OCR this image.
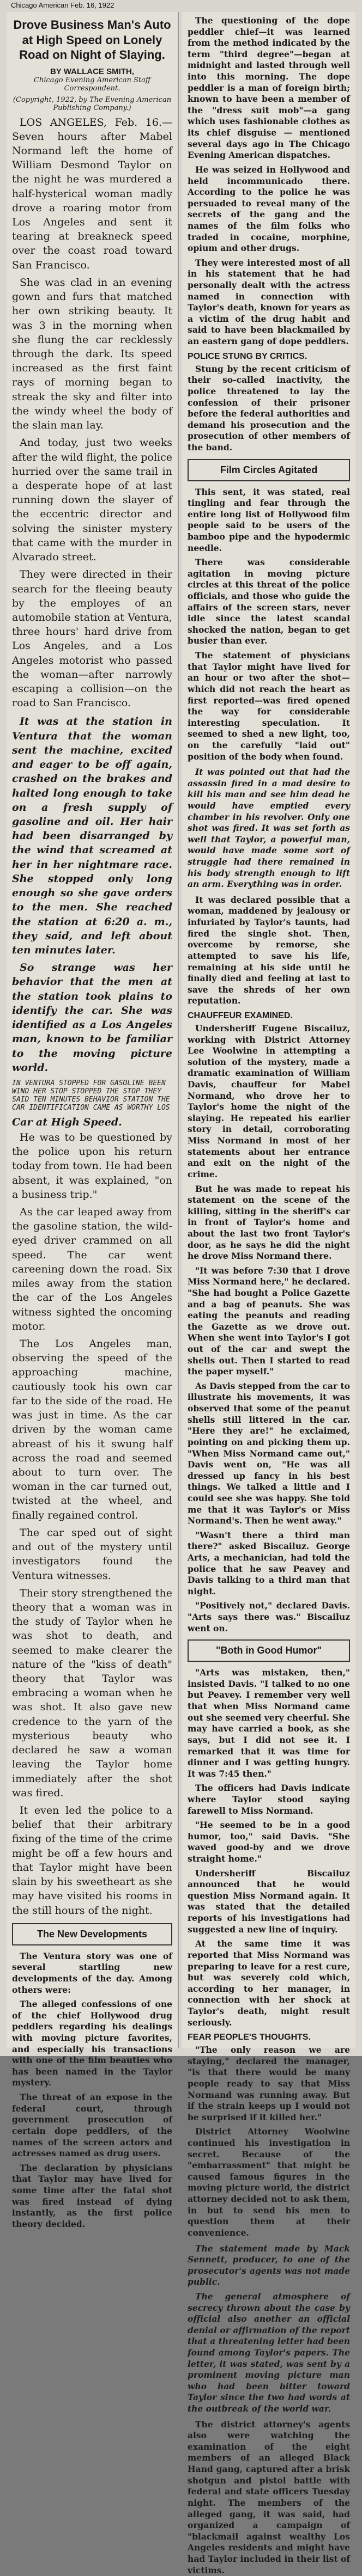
Chicago American Feb. 16, 1922
Drove Business Man's Auto at High Speed on Lonely Road on Night of Slaying.
BY WALLACE SMITH,
Chicago Evening American Staff Correspondent.
(Copyright, 1922, by The Evening American Publishing Company.)

LOS ANGELES, Feb. 16.— Seven hours after Mabel Normand left the home of William Desmond Taylor on the night he was murdered a half-hysterical woman madly drove a roaring motor from Los Angeles and sent it tearing at breakneck speed over the coast road toward San Francisco.

She was clad in an evening gown and furs that matched her own striking beauty. It was 3 in the morning when she flung the car recklessly through the dark. Its speed increased as the first faint rays of morning began to streak the sky and filter into the windy wheel the body of the slain man lay.

And today, just two weeks after the wild flight, the police hurried over the same trail in a desperate hope of at last running down the slayer of the eccentric director and solving the sinister mystery that came with the murder in Alvarado street.

They were directed in their search for the fleeing beauty by the employes of an automobile station at Ventura, three hours' hard drive from Los Angeles, and a Los Angeles motorist who passed the woman—after narrowly escaping a collision—on the road to San Francisco.

It was at the station in Ventura that the woman sent the machine, excited and eager to be off again, crashed on the brakes and halted long enough to take on a fresh supply of gasoline and oil. Her hair had been disarranged by the wind that screamed at her in her nightmare race. She stopped only long enough so she gave orders to the men. She reached the station at 6:20 a. m., they said, and left about ten minutes later.

So strange was her behavior that the men at the station took plains to identify the car. She was identified as a Los Angeles man, known to be familiar to the moving picture world.

IN VENTURA STOPPED FOR GASOLINE BEEN WIND HER STOP STOPPED THE STOP THEY SAID TEN MINUTES BEHAVIOR STATION THE CAR IDENTIFICATION CAME AS WORTHY LOS
Car at High Speed.

He was to be questioned by the police upon his return today from town. He had been absent, it was explained, "on a business trip."

As the car leaped away from the gasoline station, the wild-eyed driver crammed on all speed. The car went careening down the road. Six miles away from the station the car of the Los Angeles witness sighted the oncoming motor.

The Los Angeles man, observing the speed of the approaching machine, cautiously took his own car far to the side of the road. He was just in time. As the car driven by the woman came abreast of his it swung half across the road and seemed about to turn over. The woman in the car turned out, twisted at the wheel, and finally regained control.

The car sped out of sight and out of the mystery until investigators found the Ventura witnesses.

Their story strengthened the theory that a woman was in the study of Taylor when he was shot to death, and seemed to make clearer the nature of the "kiss of death" theory that Taylor was embracing a woman when he was shot. It also gave new credence to the yarn of the mysterious beauty who declared he saw a woman leaving the Taylor home immediately after the shot was fired.

It even led the police to a belief that their arbitrary fixing of the time of the crime might be off a few hours and that Taylor might have been slain by his sweetheart as she may have visited his rooms in the still hours of the night.

The New Developments

The Ventura story was one of several startling new developments of the day. Among others were:

The alleged confessions of one of the chief Hollywood drug peddlers regarding his dealings with moving picture favorites, and especially his transactions with one of the film beauties who has been named in the Taylor mystery.

The threat of an expose in the federal court, through government prosecution of certain dope peddlers, of the names of the screen actors and actresses named as drug users.

The declaration by physicians that Taylor may have lived for some time after the fatal shot was fired instead of dying instantly, as the first police theory decided.

The questioning of the dope peddler chief—it was learned from the method indicated by the term "third degree"—began at midnight and lasted through well into this morning. The dope peddler is a man of foreign birth; known to have been a member of the "dress suit mob"—a gang which uses fashionable clothes as its chief disguise — mentioned several days ago in The Chicago Evening American dispatches.

He was seized in Hollywood and held incommunicado there. According to the police he was persuaded to reveal many of the secrets of the gang and the names of the film folks who traded in cocaine, morphine, opium and other drugs.

They were interested most of all in his statement that he had personally dealt with the actress named in connection with Taylor's death, known for years as a victim of the drug habit and said to have been blackmailed by an eastern gang of dope peddlers.

POLICE STUNG BY CRITICS.

Stung by the recent criticism of their so-called inactivity, the police threatened to lay the confession of their prisoner before the federal authorities and demand his prosecution and the prosecution of other members of the band.

Film Circles Agitated

This sent, it was stated, real tingling and fear through the entire long list of Hollywood film people said to be users of the bamboo pipe and the hypodermic needle.

There was considerable agitation in moving picture circles at this threat of the police officials, and those who guide the affairs of the screen stars, never idle since the latest scandal shocked the nation, began to get busier than ever.

The statement of physicians that Taylor might have lived for an hour or two after the shot—which did not reach the heart as first reported—was fired opened the way for considerable interesting speculation. It seemed to shed a new light, too, on the carefully "laid out" position of the body when found.

It was pointed out that had the assassin fired in a mad desire to kill his man and see him dead he would have emptied every chamber in his revolver. Only one shot was fired. It was set forth as well that Taylor, a powerful man, would have made some sort of struggle had there remained in his body strength enough to lift an arm. Everything was in order.

It was declared possible that a woman, maddened by jealousy or infuriated by Taylor's taunts, had fired the single shot. Then, overcome by remorse, she attempted to save his life, remaining at his side until he finally died and feeling at last to save the shreds of her own reputation.

CHAUFFEUR EXAMINED.

Undersheriff Eugene Biscailuz, working with District Attorney Lee Woolwine in attempting a solution of the mystery, made a dramatic examination of William Davis, chauffeur for Mabel Normand, who drove her to Taylor's home the night of the slaying. He repeated his earlier story in detail, corroborating Miss Normand in most of her statements about her entrance and exit on the night of the crime.

But he was made to repeat his statement on the scene of the killing, sitting in the sheriff's car in front of Taylor's home and about the last two front Taylor's door, as he says he did the night he drove Miss Normand there.

"It was before 7:30 that I drove Miss Normand here," he declared. "She had bought a Police Gazette and a bag of peanuts. She was eating the peanuts and reading the Gazette as we drove out. When she went into Taylor's I got out of the car and swept the shells out. Then I started to read the paper myself."

As Davis stepped from the car to illustrate his movements, it was observed that some of the peanut shells still littered in the car. "Here they are!" he exclaimed, pointing on and picking them up. "When Miss Normand came out," Davis went on, "He was all dressed up fancy in his best things. We talked a little and I could see she was happy. She told me that it was Taylor's or Miss Normand's. Then he went away."

"Wasn't there a third man there?" asked Biscailuz. George Arts, a mechanician, had told the police that he saw Peavey and Davis talking to a third man that night.

"Positively not," declared Davis. "Arts says there was." Biscailuz went on.

"Both in Good Humor"

"Arts was mistaken, then," insisted Davis. "I talked to no one but Peavey. I remember very well that when Miss Normand came out she seemed very cheerful. She may have carried a book, as she says, but I did not see it. I remarked that it was time for dinner and I was getting hungry. It was 7:45 then."

The officers had Davis indicate where Taylor stood saying farewell to Miss Normand.

"He seemed to be in a good humor, too," said Davis. "She waved good-by and we drove straight home."

Undersheriff Biscailuz announced that he would question Miss Normand again. It was stated that the detailed reports of his investigations had suggested a new line of inquiry.

At the same time it was reported that Miss Normand was preparing to leave for a rest cure, but was severely cold which, according to her manager, in connection with her shock at Taylor's death, might result seriously.

FEAR PEOPLE'S THOUGHTS.

"The only reason we are staying," declared the manager, "is that there would be many people ready to say that Miss Normand was running away. But if the strain keeps up I would not be surprised if it killed her."

District Attorney Woolwine continued his investigation in secret. Because of the "embarrassment" that might be caused famous figures in the moving picture world, the district attorney decided not to ask them, in but to send his men to question them at their convenience.

The statement made by Mack Sennett, producer, to one of the prosecutor's agents was not made public.

The general atmosphere of secrecy thrown about the case by official also another an official denial or affirmation of the report that a threatening letter had been found among Taylor's papers. The letter, it was stated, was sent by a prominent moving picture man who had been bitter toward Taylor since the two had words at the outbreak of the world war.

The district attorney's agents also were watching the examination of the eight members of an alleged Black Hand gang, captured after a brisk shotgun and pistol battle with federal and state officers Tuesday night. The members of the alleged gang, it was said, had organized a campaign of "blackmail against wealthy Los Angeles residents and might have had Taylor included in their list of victims.
